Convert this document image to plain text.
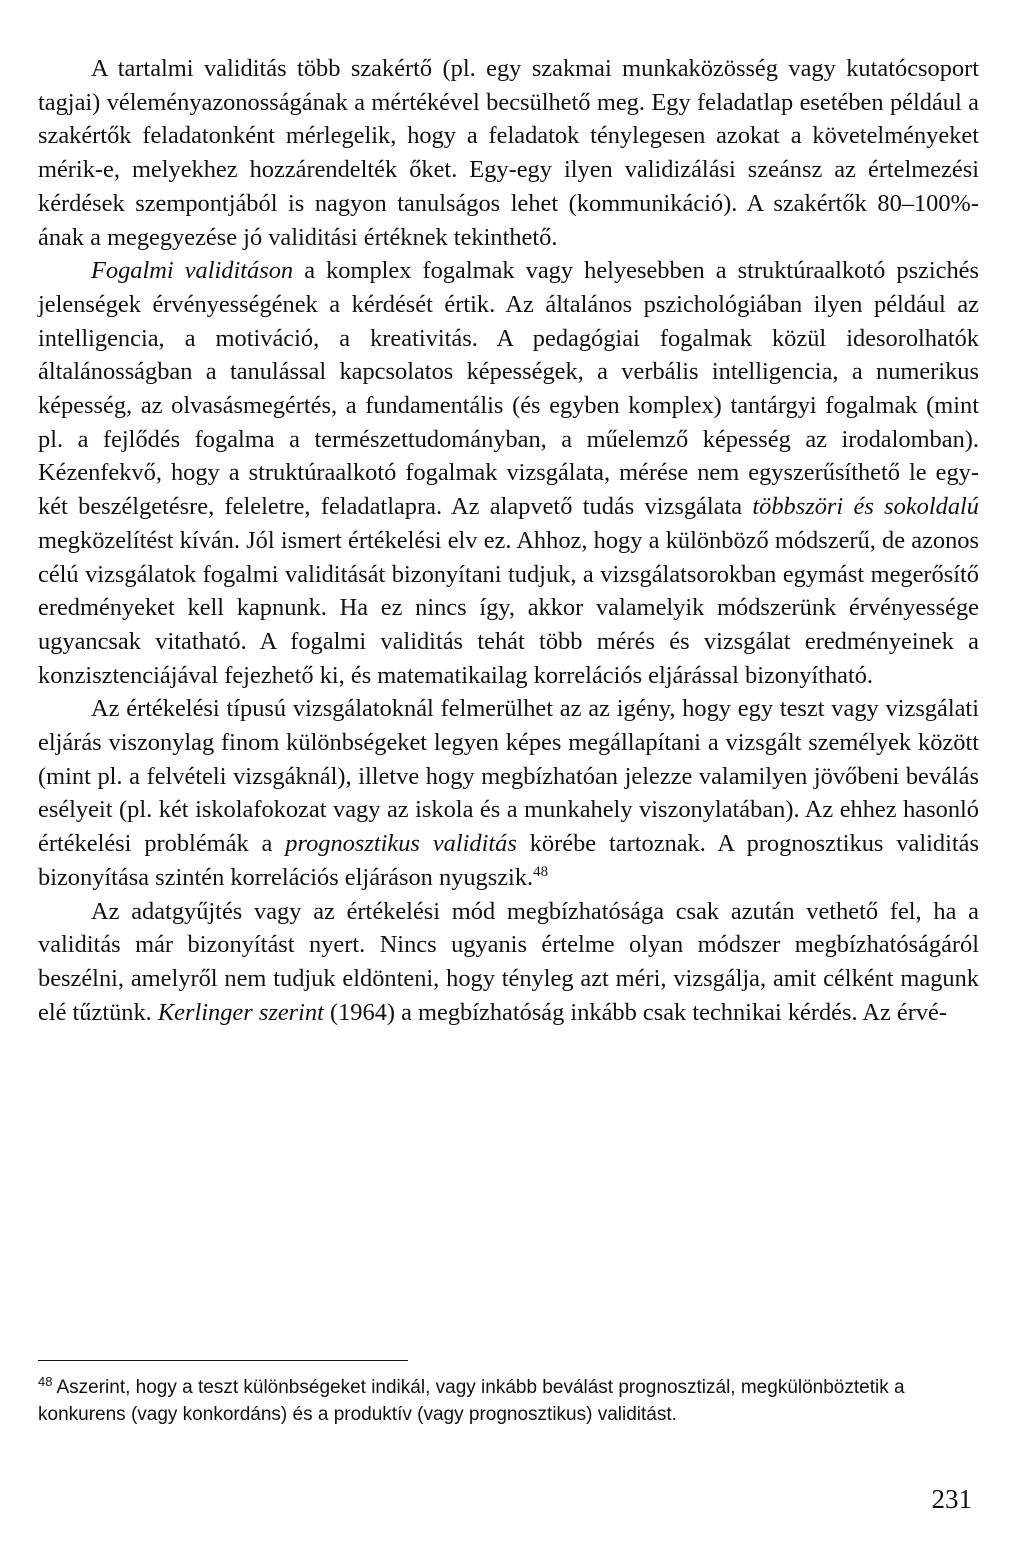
A tartalmi validitás több szakértő (pl. egy szakmai munkaközösség vagy kutatócsoport tagjai) véleményazonosságának a mértékével becsülhető meg. Egy feladatlap esetében például a szakértők feladatonként mérlegelik, hogy a feladatok ténylegesen azokat a követelményeket mérik-e, melyekhez hozzárendelték őket. Egy-egy ilyen validizálási szeánsz az értelmezési kérdések szempontjából is nagyon tanulságos lehet (kommunikáció). A szakértők 80–100%-ának a megegyezése jó validitási értéknek tekinthető.

Fogalmi validitáson a komplex fogalmak vagy helyesebben a struktúraalkotó pszichés jelenségek érvényességének a kérdését értik. Az általános pszichológiában ilyen például az intelligencia, a motiváció, a kreativitás. A pedagógiai fogalmak közül idesorolhatók általánosságban a tanulással kapcsolatos képességek, a verbális intelligencia, a numerikus képesség, az olvasásmegértés, a fundamentális (és egyben komplex) tantárgyi fogalmak (mint pl. a fejlődés fogalma a természettudományban, a műelemző képesség az irodalomban). Kézenfekvő, hogy a struktúraalkotó fogalmak vizsgálata, mérése nem egyszerűsíthető le egy-két beszélgetésre, feleletre, feladatlapra. Az alapvető tudás vizsgálata többszöri és sokoldalú megközelítést kíván. Jól ismert értékelési elv ez. Ahhoz, hogy a különböző módszerű, de azonos célú vizsgálatok fogalmi validitását bizonyítani tudjuk, a vizsgálatsorokban egymást megerősítő eredményeket kell kapnunk. Ha ez nincs így, akkor valamelyik módszerünk érvényessége ugyancsak vitatható. A fogalmi validitás tehát több mérés és vizsgálat eredményeinek a konzisztenciájával fejezhető ki, és matematikailag korrelációs eljárással bizonyítható.

Az értékelési típusú vizsgálatoknál felmerülhet az az igény, hogy egy teszt vagy vizsgálati eljárás viszonylag finom különbségeket legyen képes megállapítani a vizsgált személyek között (mint pl. a felvételi vizsgáknál), illetve hogy megbízhatóan jelezze valamilyen jövőbeni beválás esélyeit (pl. két iskolafokozat vagy az iskola és a munkahely viszonylatában). Az ehhez hasonló értékelési problémák a prognosztikus validitás körébe tartoznak. A prognosztikus validitás bizonyítása szintén korrelációs eljáráson nyugszik.$^{48}$

Az adatgyűjtés vagy az értékelési mód megbízhatósága csak azután vethető fel, ha a validitás már bizonyítást nyert. Nincs ugyanis értelme olyan módszer megbízhatóságáról beszélni, amelyről nem tudjuk eldönteni, hogy tényleg azt méri, vizsgálja, amit célként magunk elé tűztünk. Kerlinger szerint (1964) a megbízhatóság inkább csak technikai kérdés. Az érvé-

$^{48}$ Aszerint, hogy a teszt különbségeket indikál, vagy inkább beválást prognosztizál, megkülönböztetik a konkurens (vagy konkordáns) és a produktív (vagy prognosztikus) validitást.

231
